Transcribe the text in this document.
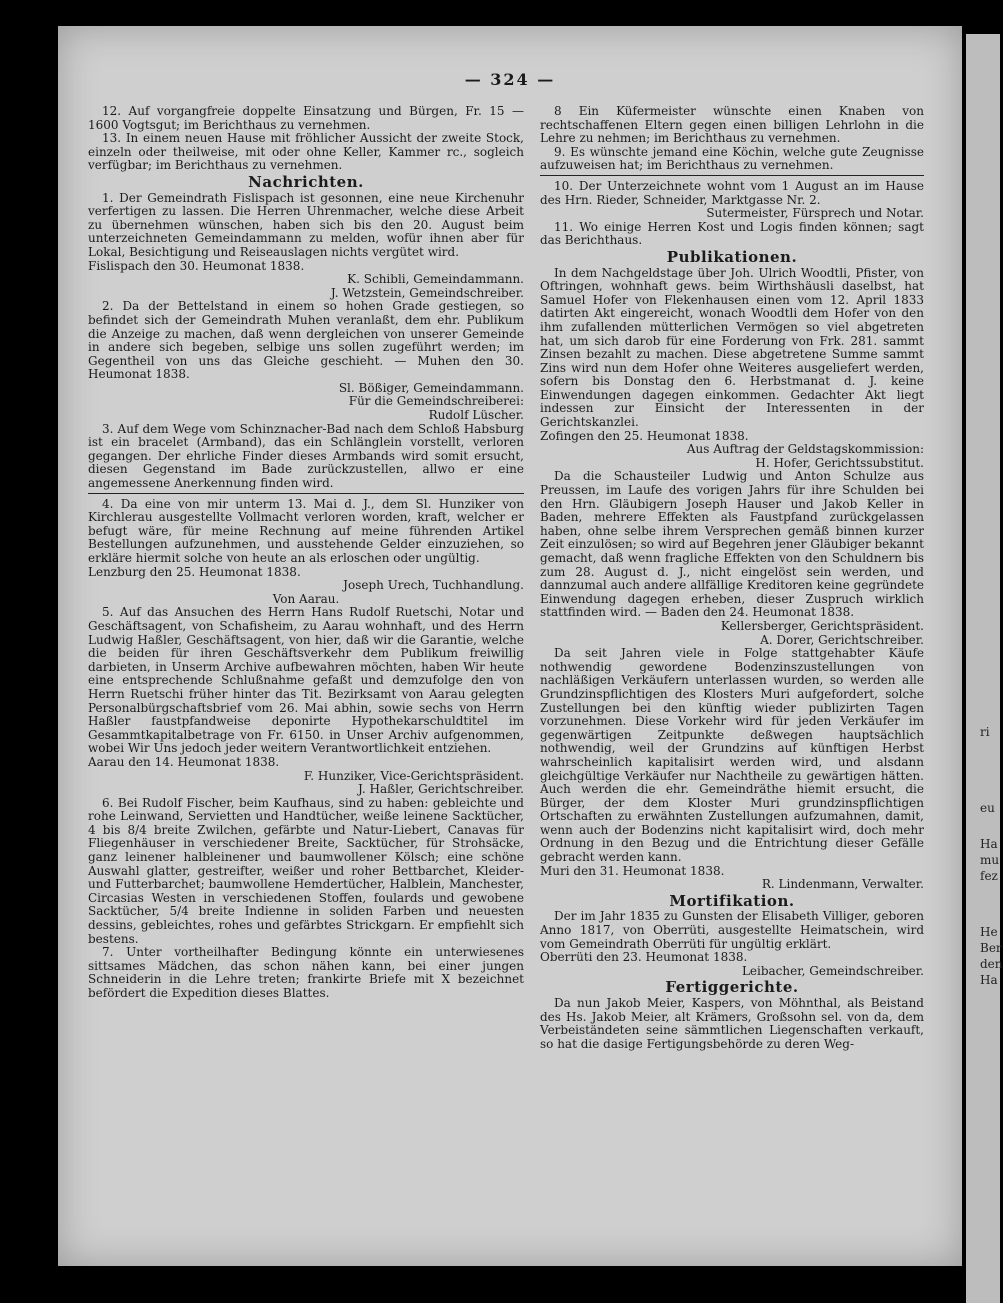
— 324 —
ri
eu
Ha
mu
fez
He
Ber
den
Ha

12. Auf vorgangfreie doppelte Einsatzung und Bürgen, Fr. 15 — 1600 Vogtsgut; im Berichthaus zu vernehmen.

13. In einem neuen Hause mit fröhlicher Aussicht der zweite Stock, einzeln oder theilweise, mit oder ohne Keller, Kammer rc., sogleich verfügbar; im Berichthaus zu vernehmen.

Nachrichten.

1. Der Gemeindrath Fislispach ist gesonnen, eine neue Kirchenuhr verfertigen zu lassen. Die Herren Uhrenmacher, welche diese Arbeit zu übernehmen wünschen, haben sich bis den 20. August beim unterzeichneten Gemeindammann zu melden, wofür ihnen aber für Lokal, Besichtigung und Reiseauslagen nichts vergütet wird.

Fislispach den 30. Heumonat 1838.

K. Schibli, Gemeindammann.

J. Wetzstein, Gemeindschreiber.

2. Da der Bettelstand in einem so hohen Grade gestiegen, so befindet sich der Gemeindrath Muhen veranlaßt, dem ehr. Publikum die Anzeige zu machen, daß wenn dergleichen von unserer Gemeinde in andere sich begeben, selbige uns sollen zugeführt werden; im Gegentheil von uns das Gleiche geschieht. — Muhen den 30. Heumonat 1838.

Sl. Bößiger, Gemeindammann.

Für die Gemeindschreiberei:

Rudolf Lüscher.

3. Auf dem Wege vom Schinznacher-Bad nach dem Schloß Habsburg ist ein bracelet (Armband), das ein Schlänglein vorstellt, verloren gegangen. Der ehrliche Finder dieses Armbands wird somit ersucht, diesen Gegenstand im Bade zurückzustellen, allwo er eine angemessene Anerkennung finden wird.

4. Da eine von mir unterm 13. Mai d. J., dem Sl. Hunziker von Kirchlerau ausgestellte Vollmacht verloren worden, kraft, welcher er befugt wäre, für meine Rechnung auf meine führenden Artikel Bestellungen aufzunehmen, und ausstehende Gelder einzuziehen, so erkläre hiermit solche von heute an als erloschen oder ungültig.

Lenzburg den 25. Heumonat 1838.

Joseph Urech, Tuchhandlung.

Von Aarau.

5. Auf das Ansuchen des Herrn Hans Rudolf Ruetschi, Notar und Geschäftsagent, von Schafisheim, zu Aarau wohnhaft, und des Herrn Ludwig Haßler, Geschäftsagent, von hier, daß wir die Garantie, welche die beiden für ihren Geschäftsverkehr dem Publikum freiwillig darbieten, in Unserm Archive aufbewahren möchten, haben Wir heute eine entsprechende Schlußnahme gefaßt und demzufolge den von Herrn Ruetschi früher hinter das Tit. Bezirksamt von Aarau gelegten Personalbürgschaftsbrief vom 26. Mai abhin, sowie sechs von Herrn Haßler faustpfandweise deponirte Hypothekarschuldtitel im Gesammtkapitalbetrage von Fr. 6150. in Unser Archiv aufgenommen, wobei Wir Uns jedoch jeder weitern Verantwortlichkeit entziehen.

Aarau den 14. Heumonat 1838.

F. Hunziker, Vice-Gerichtspräsident.

J. Haßler, Gerichtschreiber.

6. Bei Rudolf Fischer, beim Kaufhaus, sind zu haben: gebleichte und rohe Leinwand, Servietten und Handtücher, weiße leinene Sacktücher, 4 bis 8/4 breite Zwilchen, gefärbte und Natur-Liebert, Canavas für Fliegenhäuser in verschiedener Breite, Sacktücher, für Strohsäcke, ganz leinener halbleinener und baumwollener Kölsch; eine schöne Auswahl glatter, gestreifter, weißer und roher Bettbarchet, Kleider- und Futterbarchet; baumwollene Hemdertücher, Halblein, Manchester, Circasias Westen in verschiedenen Stoffen, foulards und gewobene Sacktücher, 5/4 breite Indienne in soliden Farben und neuesten dessins, gebleichtes, rohes und gefärbtes Strickgarn. Er empfiehlt sich bestens.

7. Unter vortheilhafter Bedingung könnte ein unterwiesenes sittsames Mädchen, das schon nähen kann, bei einer jungen Schneiderin in die Lehre treten; frankirte Briefe mit X bezeichnet befördert die Expedition dieses Blattes.

8 Ein Küfermeister wünschte einen Knaben von rechtschaffenen Eltern gegen einen billigen Lehrlohn in die Lehre zu nehmen; im Berichthaus zu vernehmen.

9. Es wünschte jemand eine Köchin, welche gute Zeugnisse aufzuweisen hat; im Berichthaus zu vernehmen.

10. Der Unterzeichnete wohnt vom 1 August an im Hause des Hrn. Rieder, Schneider, Marktgasse Nr. 2.

Sutermeister, Fürsprech und Notar.

11. Wo einige Herren Kost und Logis finden können; sagt das Berichthaus.

Publikationen.

In dem Nachgeldstage über Joh. Ulrich Woodtli, Pfister, von Oftringen, wohnhaft gews. beim Wirthshäusli daselbst, hat Samuel Hofer von Flekenhausen einen vom 12. April 1833 datirten Akt eingereicht, wonach Woodtli dem Hofer von den ihm zufallenden mütterlichen Vermögen so viel abgetreten hat, um sich darob für eine Forderung von Frk. 281. sammt Zinsen bezahlt zu machen. Diese abgetretene Summe sammt Zins wird nun dem Hofer ohne Weiteres ausgeliefert werden, sofern bis Donstag den 6. Herbstmanat d. J. keine Einwendungen dagegen einkommen. Gedachter Akt liegt indessen zur Einsicht der Interessenten in der Gerichtskanzlei.

Zofingen den 25. Heumonat 1838.

Aus Auftrag der Geldstagskommission:

H. Hofer, Gerichtssubstitut.

Da die Schausteiler Ludwig und Anton Schulze aus Preussen, im Laufe des vorigen Jahrs für ihre Schulden bei den Hrn. Gläubigern Joseph Hauser und Jakob Keller in Baden, mehrere Effekten als Faustpfand zurückgelassen haben, ohne selbe ihrem Versprechen gemäß binnen kurzer Zeit einzulösen; so wird auf Begehren jener Gläubiger bekannt gemacht, daß wenn fragliche Effekten von den Schuldnern bis zum 28. August d. J., nicht eingelöst sein werden, und dannzumal auch andere allfällige Kreditoren keine gegründete Einwendung dagegen erheben, dieser Zuspruch wirklich stattfinden wird. — Baden den 24. Heumonat 1838.

Kellersberger, Gerichtspräsident.

A. Dorer, Gerichtschreiber.

Da seit Jahren viele in Folge stattgehabter Käufe nothwendig gewordene Bodenzinszustellungen von nachläßigen Verkäufern unterlassen wurden, so werden alle Grundzinspflichtigen des Klosters Muri aufgefordert, solche Zustellungen bei den künftig wieder publizirten Tagen vorzunehmen. Diese Vorkehr wird für jeden Verkäufer im gegenwärtigen Zeitpunkte deßwegen hauptsächlich nothwendig, weil der Grundzins auf künftigen Herbst wahrscheinlich kapitalisirt werden wird, und alsdann gleichgültige Verkäufer nur Nachtheile zu gewärtigen hätten. Auch werden die ehr. Gemeindräthe hiemit ersucht, die Bürger, der dem Kloster Muri grundzinspflichtigen Ortschaften zu erwähnten Zustellungen aufzumahnen, damit, wenn auch der Bodenzins nicht kapitalisirt wird, doch mehr Ordnung in den Bezug und die Entrichtung dieser Gefälle gebracht werden kann.

Muri den 31. Heumonat 1838.

R. Lindenmann, Verwalter.

Mortifikation.

Der im Jahr 1835 zu Gunsten der Elisabeth Villiger, geboren Anno 1817, von Oberrüti, ausgestellte Heimatschein, wird vom Gemeindrath Oberrüti für ungültig erklärt.

Oberrüti den 23. Heumonat 1838.

Leibacher, Gemeindschreiber.

Fertiggerichte.

Da nun Jakob Meier, Kaspers, von Möhnthal, als Beistand des Hs. Jakob Meier, alt Krämers, Großsohn sel. von da, dem Verbeiständeten seine sämmtlichen Liegenschaften verkauft, so hat die dasige Fertigungsbehörde zu deren Weg-
